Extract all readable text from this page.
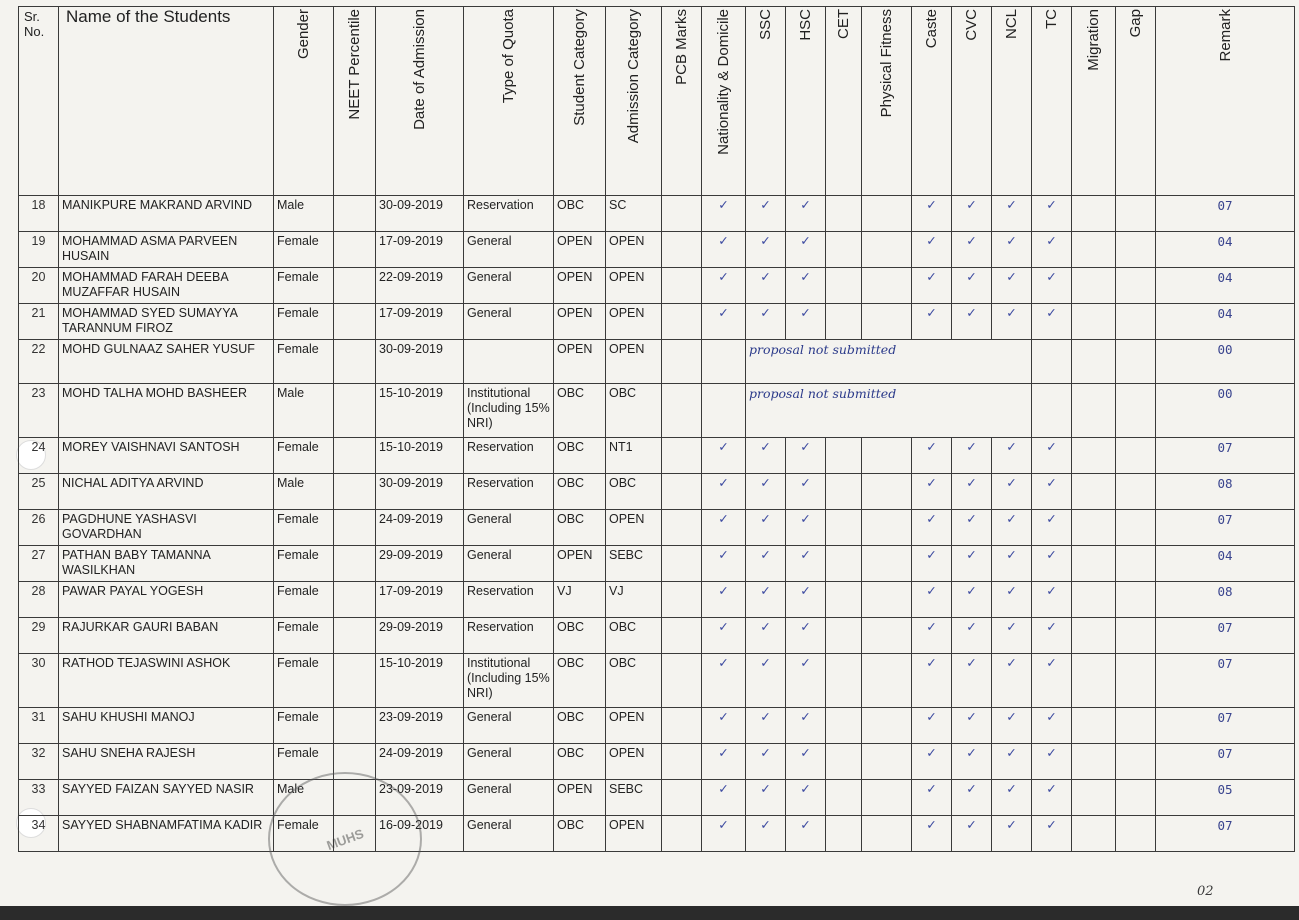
Sr. No.	Name of the Students	Gender	NEET Percentile	Date of Admission	Type of Quota	Student Category	Admission Category	PCB Marks	Nationality & Domicile	SSC	HSC	CET	Physical Fitness	Caste	CVC	NCL	TC	Migration	Gap	Remark
18	MANIKPURE MAKRAND ARVIND	Male		30-09-2019	Reservation	OBC	SC		✓	✓	✓			✓	✓	✓	✓			07
19	MOHAMMAD ASMA PARVEEN HUSAIN	Female		17-09-2019	General	OPEN	OPEN		✓	✓	✓			✓	✓	✓	✓			04
20	MOHAMMAD FARAH DEEBA MUZAFFAR HUSAIN	Female		22-09-2019	General	OPEN	OPEN		✓	✓	✓			✓	✓	✓	✓			04
21	MOHAMMAD SYED SUMAYYA TARANNUM FIROZ	Female		17-09-2019	General	OPEN	OPEN		✓	✓	✓			✓	✓	✓	✓			04
22	MOHD GULNAAZ SAHER YUSUF	Female		30-09-2019		OPEN	OPEN			proposal not submitted										00
23	MOHD TALHA MOHD BASHEER	Male		15-10-2019	Institutional (Including 15% NRI)	OBC	OBC			proposal not submitted										00
24	MOREY VAISHNAVI SANTOSH	Female		15-10-2019	Reservation	OBC	NT1		✓	✓	✓			✓	✓	✓	✓			07
25	NICHAL ADITYA ARVIND	Male		30-09-2019	Reservation	OBC	OBC		✓	✓	✓			✓	✓	✓	✓			08
26	PAGDHUNE YASHASVI GOVARDHAN	Female		24-09-2019	General	OBC	OPEN		✓	✓	✓			✓	✓	✓	✓			07
27	PATHAN BABY TAMANNA WASILKHAN	Female		29-09-2019	General	OPEN	SEBC		✓	✓	✓			✓	✓	✓	✓			04
28	PAWAR PAYAL YOGESH	Female		17-09-2019	Reservation	VJ	VJ		✓	✓	✓			✓	✓	✓	✓			08
29	RAJURKAR GAURI BABAN	Female		29-09-2019	Reservation	OBC	OBC		✓	✓	✓			✓	✓	✓	✓			07
30	RATHOD TEJASWINI ASHOK	Female		15-10-2019	Institutional (Including 15% NRI)	OBC	OBC		✓	✓	✓			✓	✓	✓	✓			07
31	SAHU KHUSHI MANOJ	Female		23-09-2019	General	OBC	OPEN		✓	✓	✓			✓	✓	✓	✓			07
32	SAHU SNEHA RAJESH	Female		24-09-2019	General	OBC	OPEN		✓	✓	✓			✓	✓	✓	✓			07
33	SAYYED FAIZAN SAYYED NASIR	Male		23-09-2019	General	OPEN	SEBC		✓	✓	✓			✓	✓	✓	✓			05
34	SAYYED SHABNAMFATIMA KADIR	Female		16-09-2019	General	OBC	OPEN		✓	✓	✓			✓	✓	✓	✓			07
MUHS
02
